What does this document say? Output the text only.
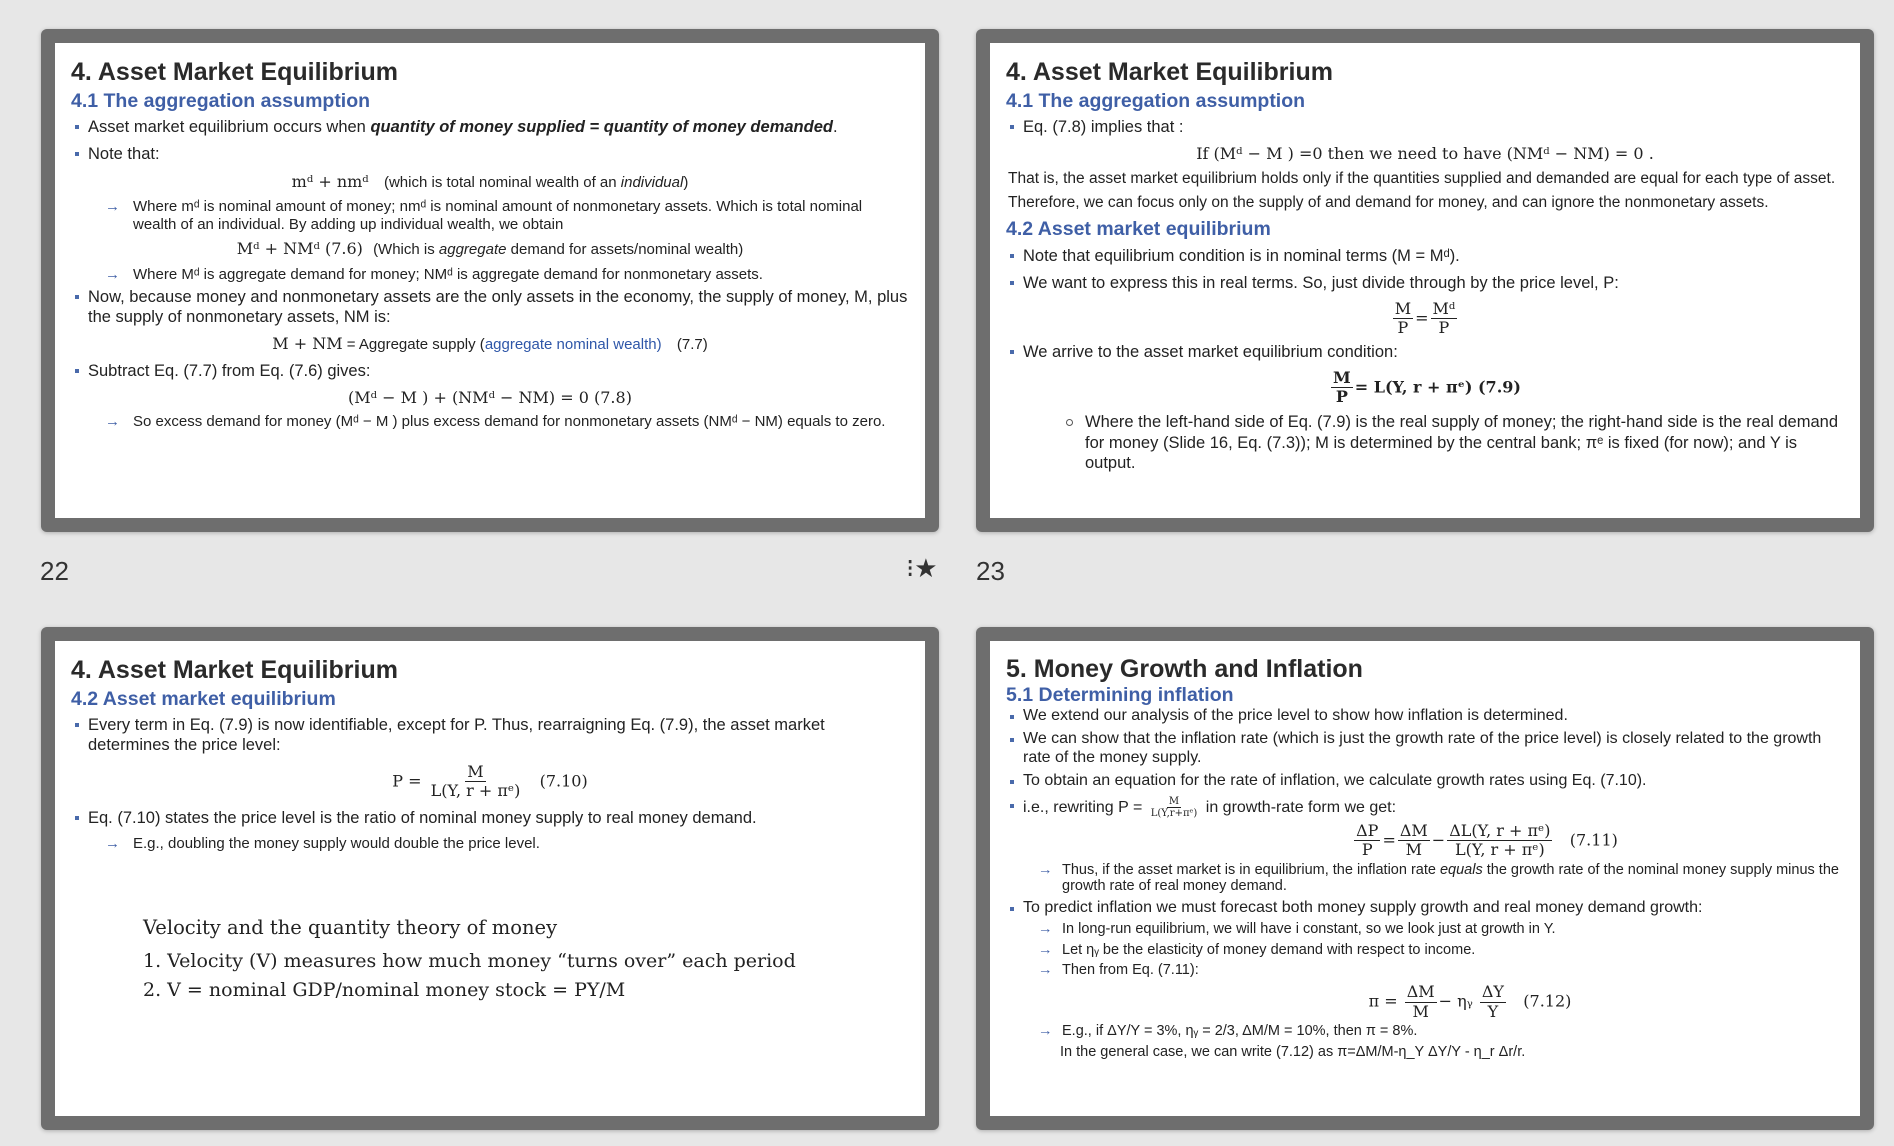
4. Asset Market Equilibrium
4.1 The aggregation assumption
Asset market equilibrium occurs when quantity of money supplied = quantity of money demanded.
Note that:
mᵈ + nmᵈ (which is total nominal wealth of an individual)
→ Where mᵈ is nominal amount of money; nmᵈ is nominal amount of nonmonetary assets. Which is total nominal wealth of an individual. By adding up individual wealth, we obtain
Mᵈ + NMᵈ (7.6) (Which is aggregate demand for assets/nominal wealth)
→ Where Mᵈ is aggregate demand for money; NMᵈ is aggregate demand for nonmonetary assets.
Now, because money and nonmonetary assets are the only assets in the economy, the supply of money, M, plus the supply of nonmonetary assets, NM is:
M + NM = Aggregate supply (aggregate nominal wealth) (7.7)
Subtract Eq. (7.7) from Eq. (7.6) gives:
(Mᵈ − M ) + (NMᵈ − NM) = 0 (7.8)
→ So excess demand for money (Mᵈ − M ) plus excess demand for nonmonetary assets (NMᵈ − NM) equals to zero.
22	⁝★
4. Asset Market Equilibrium
4.1 The aggregation assumption
Eq. (7.8) implies that :
If (Mᵈ − M ) =0 then we need to have (NMᵈ − NM) = 0 .
That is, the asset market equilibrium holds only if the quantities supplied and demanded are equal for each type of asset.
Therefore, we can focus only on the supply of and demand for money, and can ignore the nonmonetary assets.
4.2 Asset market equilibrium
Note that equilibrium condition is in nominal terms (M = Mᵈ).
We want to express this in real terms. So, just divide through by the price level, P:
$\frac{M}{P} = \frac{\text{Mᵈ}}{P}$
We arrive to the asset market equilibrium condition:
$\frac{M}{P} = L(Y$, r + πᵉ) (7.9)
Where the left-hand side of Eq. (7.9) is the real supply of money; the right-hand side is the real demand for money (Slide 16, Eq. (7.3)); M is determined by the central bank; πᵉ is fixed (for now); and Y is output.
23
4. Asset Market Equilibrium
4.2 Asset market equilibrium
Every term in Eq. (7.9) is now identifiable, except for P. Thus, rearraigning Eq. (7.9), the asset market determines the price level:
$P = \frac{M}{\text{L(Y, r + πᵉ)}} (7.10)$
Eq. (7.10) states the price level is the ratio of nominal money supply to real money demand.
→ E.g., doubling the money supply would double the price level.
Velocity and the quantity theory of money
1. Velocity (V) measures how much money “turns over” each period
2. V = nominal GDP/nominal money stock = PY/M
5. Money Growth and Inflation
5.1 Determining inflation
We extend our analysis of the price level to show how inflation is determined.
We can show that the inflation rate (which is just the growth rate of the price level) is closely related to the growth rate of the money supply.
To obtain an equation for the rate of inflation, we calculate growth rates using Eq. (7.10).
i.e., rewriting $P = \frac{M}{\text{L(Y,r+πᵉ)}}$ in growth-rate form we get:
$\frac{\Delta P}{P} = \frac{\Delta M}{M} - \frac{\text{ΔL(Y, r + πᵉ)}}{\text{L(Y, r + πᵉ)}} (7.11)$
→ Thus, if the asset market is in equilibrium, the inflation rate equals the growth rate of the nominal money supply minus the growth rate of real money demand.
To predict inflation we must forecast both money supply growth and real money demand growth:
→ In long-run equilibrium, we will have i constant, so we look just at growth in Y.
→ Let ηᵧ be the elasticity of money demand with respect to income.
→ Then from Eq. (7.11):
$\pi = \frac{\Delta M}{M}$ − ηᵧ $\frac{\Delta Y}{Y} (7.12)$
→ E.g., if ΔY/Y = 3%, ηᵧ = 2/3, ΔM/M = 10%, then π = 8%.
In the general case, we can write (7.12) as π=ΔM/M-η_Y ΔY/Y - η_r Δr/r.
